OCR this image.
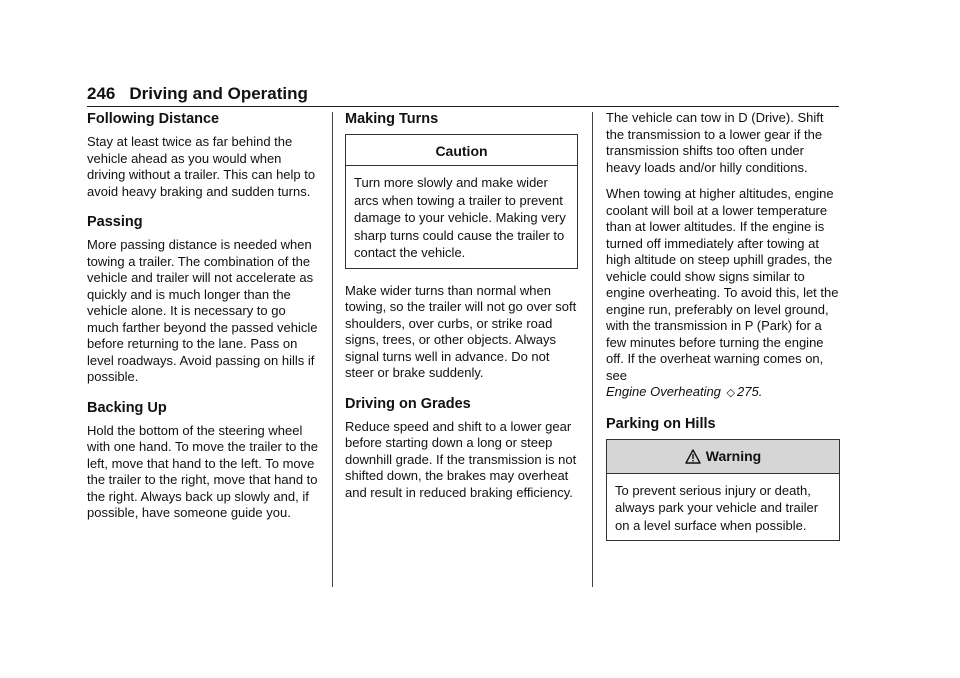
246 Driving and Operating
Following Distance

Stay at least twice as far behind the vehicle ahead as you would when driving without a trailer. This can help to avoid heavy braking and sudden turns.

Passing

More passing distance is needed when towing a trailer. The combination of the vehicle and trailer will not accelerate as quickly and is much longer than the vehicle alone. It is necessary to go much farther beyond the passed vehicle before returning to the lane. Pass on level roadways. Avoid passing on hills if possible.

Backing Up

Hold the bottom of the steering wheel with one hand. To move the trailer to the left, move that hand to the left. To move the trailer to the right, move that hand to the right. Always back up slowly and, if possible, have someone guide you.

Making Turns
Caution
Turn more slowly and make wider arcs when towing a trailer to prevent damage to your vehicle. Making very sharp turns could cause the trailer to contact the vehicle.

Make wider turns than normal when towing, so the trailer will not go over soft shoulders, over curbs, or strike road signs, trees, or other objects. Always signal turns well in advance. Do not steer or brake suddenly.

Driving on Grades

Reduce speed and shift to a lower gear before starting down a long or steep downhill grade. If the transmission is not shifted down, the brakes may overheat and result in reduced braking efficiency.

The vehicle can tow in D (Drive). Shift the transmission to a lower gear if the transmission shifts too often under heavy loads and/or hilly conditions.

When towing at higher altitudes, engine coolant will boil at a lower temperature than at lower altitudes. If the engine is turned off immediately after towing at high altitude on steep uphill grades, the vehicle could show signs similar to engine overheating. To avoid this, let the engine run, preferably on level ground, with the transmission in P (Park) for a few minutes before turning the engine off. If the overheat warning comes on, see
Engine Overheating ◇ 275.

Parking on Hills
Warning
To prevent serious injury or death, always park your vehicle and trailer on a level surface when possible.
